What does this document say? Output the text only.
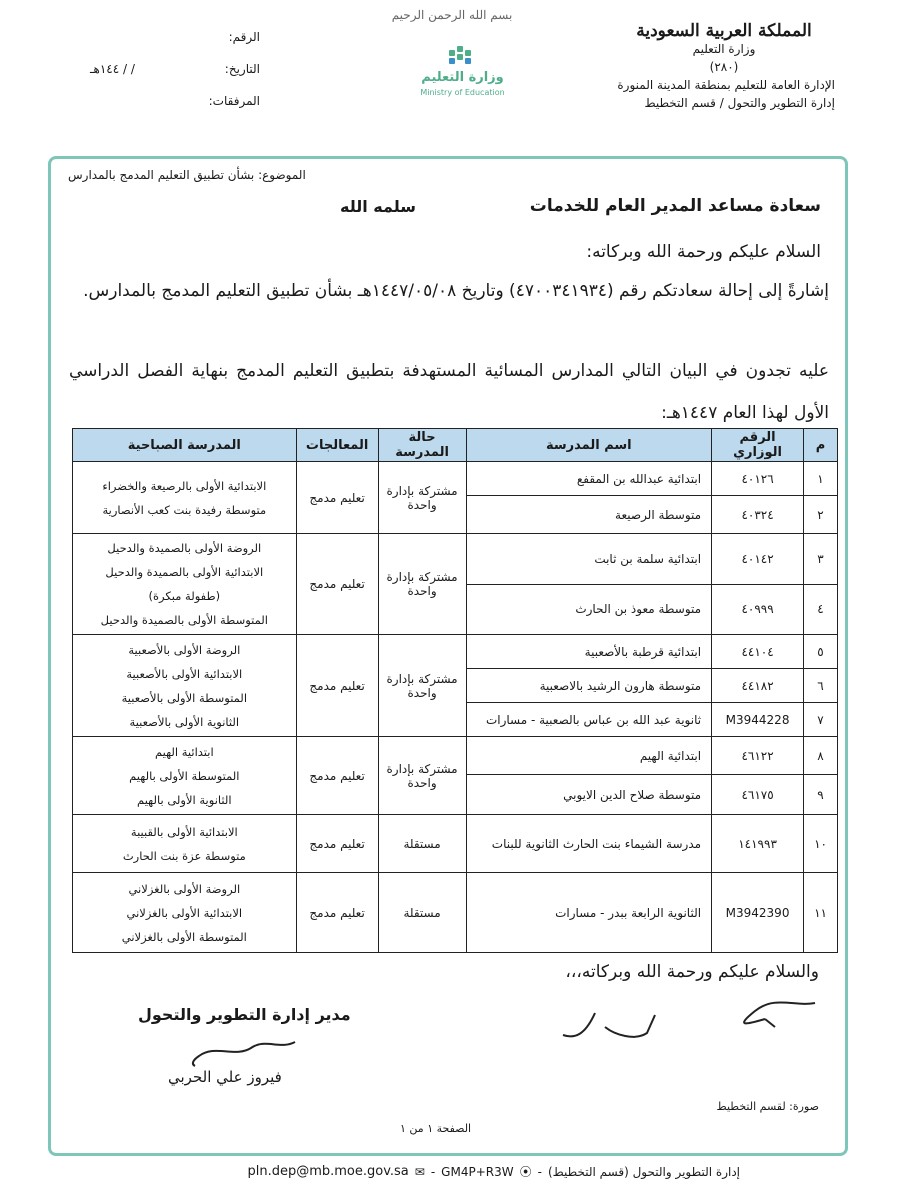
المملكة العربية السعودية
وزارة التعليم
(٢٨٠)
الإدارة العامة للتعليم بمنطقة المدينة المنورة
إدارة التطوير والتحول / قسم التخطيط
بسم الله الرحمن الرحيم
وزارة التعليم
Ministry of Education
الرقم:
التاريخ:
/ / ١٤٤هـ
المرفقات:
الموضوع: بشأن تطبيق التعليم المدمج بالمدارس
سعادة مساعد المدير العام للخدمات
سلمه الله
السلام عليكم ورحمة الله وبركاته:
إشارةً إلى إحالة سعادتكم رقم (٤٧٠٠٣٤١٩٣٤) وتاريخ ١٤٤٧/٠٥/٠٨هـ بشأن تطبيق التعليم المدمج بالمدارس.
عليه تجدون في البيان التالي المدارس المسائية المستهدفة بتطبيق التعليم المدمج بنهاية الفصل الدراسي الأول لهذا العام ١٤٤٧هـ:
م	الرقم الوزاري	اسم المدرسة	حالة المدرسة	المعالجات	المدرسة الصباحية
١	٤٠١٢٦	ابتدائية عبدالله بن المقفع	مشتركة بإدارة واحدة	تعليم مدمج	الابتدائية الأولى بالرصيعة والخضراء
متوسطة رفيدة بنت كعب الأنصارية

٢	٤٠٣٢٤	متوسطة الرصيعة			
٣	٤٠١٤٢	ابتدائية سلمة بن ثابت	مشتركة بإدارة واحدة	تعليم مدمج	الروضة الأولى بالصميدة والدحيل
الابتدائية الأولى بالصميدة والدحيل
(طفولة مبكرة)
المتوسطة الأولى بالصميدة والدحيل

٤	٤٠٩٩٩	متوسطة معوذ بن الحارث			
٥	٤٤١٠٤	ابتدائية قرطبة بالأصعبية	مشتركة بإدارة واحدة	تعليم مدمج	الروضة الأولى بالأصعبية
الابتدائية الأولى بالأصعبية
المتوسطة الأولى بالأصعبية
الثانوية الأولى بالأصعبية

٦	٤٤١٨٢	متوسطة هارون الرشيد بالاصعبية			
٧	M3944228	ثانوية عبد الله بن عباس بالصعبية - مسارات			
٨	٤٦١٢٢	ابتدائية الهيم	مشتركة بإدارة واحدة	تعليم مدمج	ابتدائية الهيم
المتوسطة الأولى بالهيم
الثانوية الأولى بالهيم

٩	٤٦١٧٥	متوسطة صلاح الدين الايوبي			
١٠	١٤١٩٩٣	مدرسة الشيماء بنت الحارث الثانوية للبنات	مستقلة	تعليم مدمج	الابتدائية الأولى بالقبيبة
متوسطة عزة بنت الحارث

١١	M3942390	الثانوية الرابعة ببدر - مسارات	مستقلة	تعليم مدمج	الروضة الأولى بالغزلاني
الابتدائية الأولى بالغزلاني
المتوسطة الأولى بالغزلاني
والسلام عليكم ورحمة الله وبركاته،،،
مدير إدارة التطوير والتحول
فيروز علي الحربي
صورة: لقسم التخطيط
الصفحة ١ من ١
إدارة التطوير والتحول (قسم التخطيط)
-
⦿
GM4P+R3W
-
✉
pln.dep@mb.moe.gov.sa
